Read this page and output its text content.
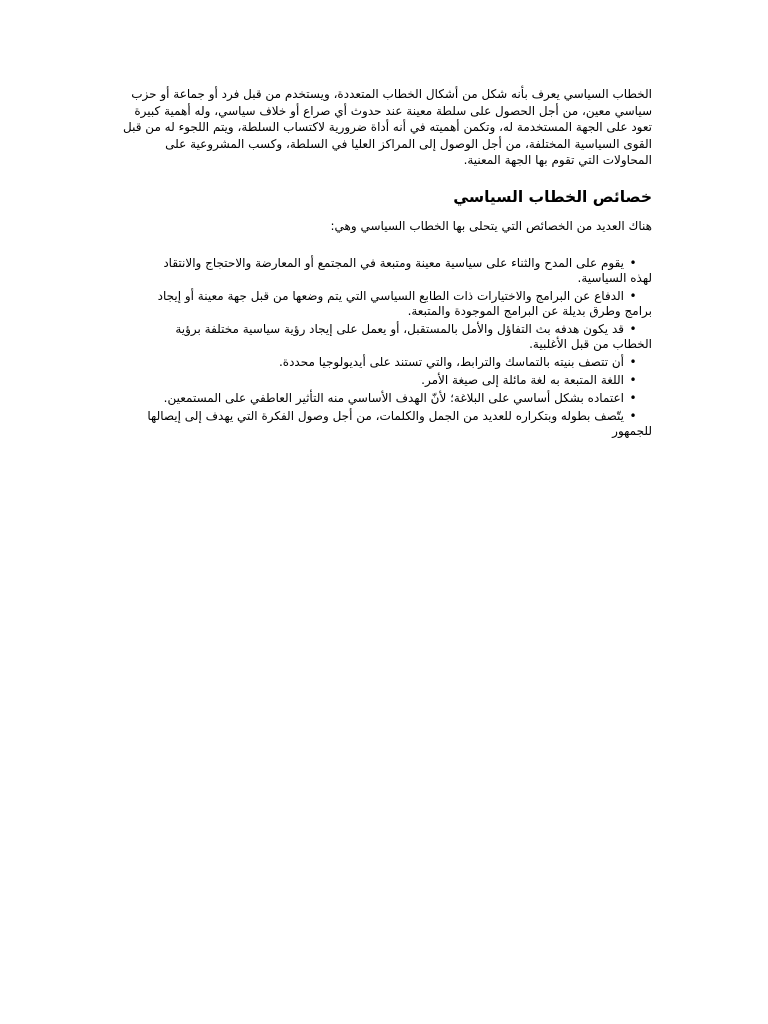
الخطاب السياسي يعرف بأنه شكل من أشكال الخطاب المتعددة، ويستخدم من قبل فرد أو جماعة أو حزب سياسي معين، من أجل الحصول على سلطة معينة عند حدوث أي صراع أو خلاف سياسي، وله أهمية كبيرة تعود على الجهة المستخدمة له، وتكمن أهميته في أنه أداة ضرورية لاكتساب السلطة، ويتم اللجوء له من قبل القوى السياسية المختلفة، من أجل الوصول إلى المراكز العليا في السلطة، وكسب المشروعية على المحاولات التي تقوم بها الجهة المعنية.

خصائص الخطاب السياسي

هناك العديد من الخصائص التي يتحلى بها الخطاب السياسي وهي:

•يقوم على المدح والثناء على سياسية معينة ومتبعة في المجتمع أو المعارضة والاحتجاج والانتقاد لهذه السياسية.
•الدفاع عن البرامج والاختيارات ذات الطابع السياسي التي يتم وضعها من قبل جهة معينة أو إيجاد برامج وطرق بديلة عن البرامج الموجودة والمتبعة.
•قد يكون هدفه بث التفاؤل والأمل بالمستقبل، أو يعمل على إيجاد رؤية سياسية مختلفة برؤية الخطاب من قبل الأغلبية.
•أن تتصف بنيته بالتماسك والترابط، والتي تستند على أيديولوجيا محددة.
•اللغة المتبعة به لغة مائلة إلى صيغة الأمر.
•اعتماده بشكل أساسي على البلاغة؛ لأنّ الهدف الأساسي منه التأثير العاطفي على المستمعين.
•يتّصف بطوله وبتكراره للعديد من الجمل والكلمات، من أجل وصول الفكرة التي يهدف إلى إيصالها للجمهور
